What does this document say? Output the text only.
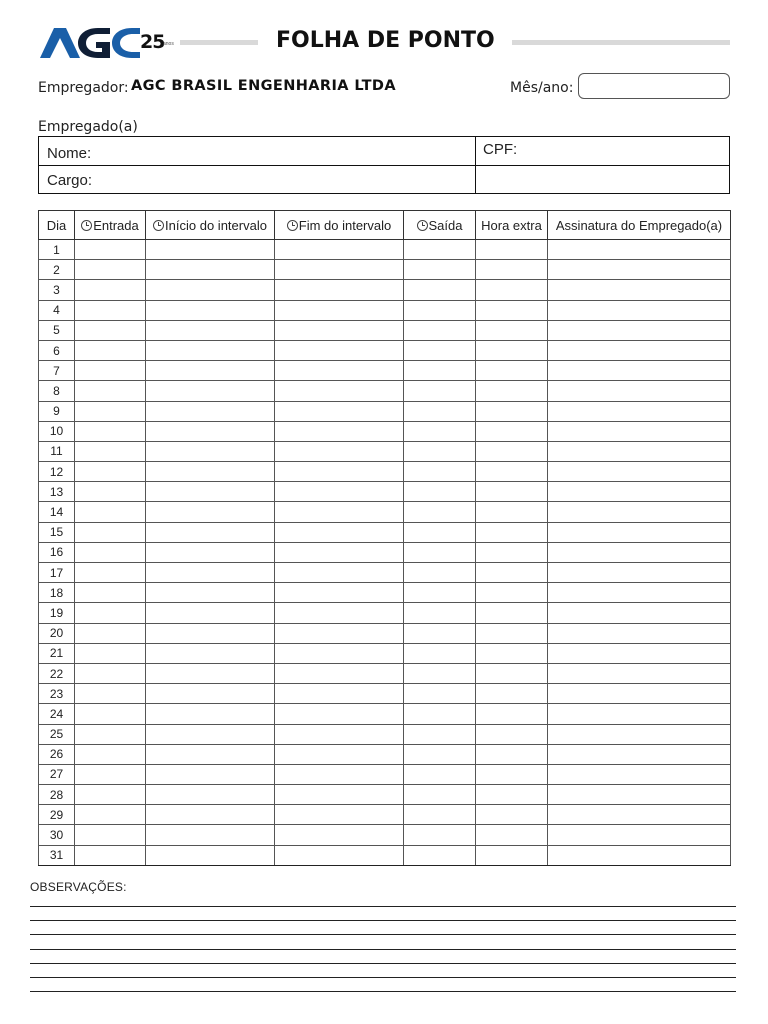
25
anos	FOLHA DE PONTO
Empregador: AGC BRASIL ENGENHARIA LTDA	Mês/ano:
Empregado(a)
Nome:	CPF:
Cargo:
Dia	Entrada	Início do intervalo	Fim do intervalo	Saída	Hora extra	Assinatura do Empregado(a)
1						
2						
3						
4						
5						
6						
7						
8						
9						
10						
11						
12						
13						
14						
15						
16						
17						
18						
19						
20						
21						
22						
23						
24						
25						
26						
27						
28						
29						
30						
31						
OBSERVAÇÕES:
